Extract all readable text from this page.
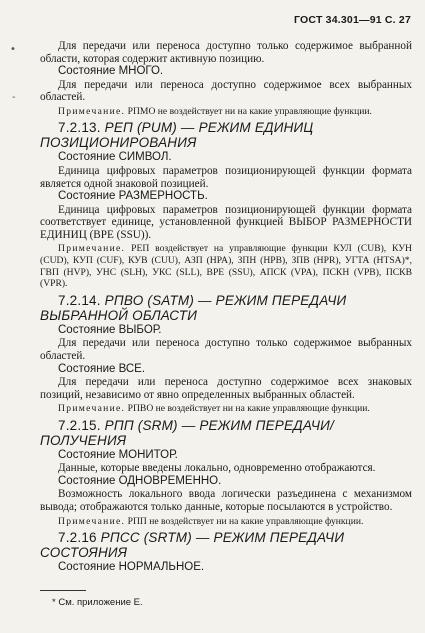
ГОСТ 34.301—91 С. 27
•
-

Для передачи или переноса доступно только содержимое выбранной области, которая содержит активную позицию.

Состояние МНОГО.

Для передачи или переноса доступно содержимое всех выбранных областей.

Примечание. РПМО не воздействует ни на какие управляющие функции.

7.2.13. РЕП (PUM) — РЕЖИМ ЕДИНИЦ ПОЗИЦИОНИРОВАНИЯ

Состояние СИМВОЛ.

Единица цифровых параметров позиционирующей функции формата является одной знаковой позицией.

Состояние РАЗМЕРНОСТЬ.

Единица цифровых параметров позиционирующей функции формата соответствует единице, установленной функцией ВЫБОР РАЗМЕРНОСТИ ЕДИНИЦ (ВРЕ (SSU)).

Примечание. РЕП воздействует на управляющие функции КУЛ (CUB), КУН (CUD), КУП (CUF), КУВ (CUU), АЗП (HPA), ЗПН (HPB), ЗПВ (HPR), УГТА (HTSA)*, ГВП (HVP), УНС (SLH), УКС (SLL), ВРЕ (SSU), АПСК (VPA), ПСКН (VPB), ПСКВ (VPR).

7.2.14. РПВО (SATM) — РЕЖИМ ПЕРЕДАЧИ ВЫБРАННОЙ ОБЛАСТИ

Состояние ВЫБОР.

Для передачи или переноса доступно только содержимое выбранных областей.

Состояние ВСЕ.

Для передачи или переноса доступно содержимое всех знаковых позиций, независимо от явно определенных выбранных областей.

Примечание. РПВО не воздействует ни на какие управляющие функции.

7.2.15. РПП (SRM) — РЕЖИМ ПЕРЕДАЧИ/ПОЛУЧЕНИЯ

Состояние МОНИТОР.

Данные, которые введены локально, одновременно отображаются.

Состояние ОДНОВРЕМЕННО.

Возможность локального ввода логически разъединена с механизмом вывода; отображаются только данные, которые посылаются в устройство.

Примечание. РПП не воздействует ни на какие управляющие функции.

7.2.16 РПСС (SRTM) — РЕЖИМ ПЕРЕДАЧИ СОСТОЯНИЯ

Состояние НОРМАЛЬНОЕ.

* См. приложение Е.
